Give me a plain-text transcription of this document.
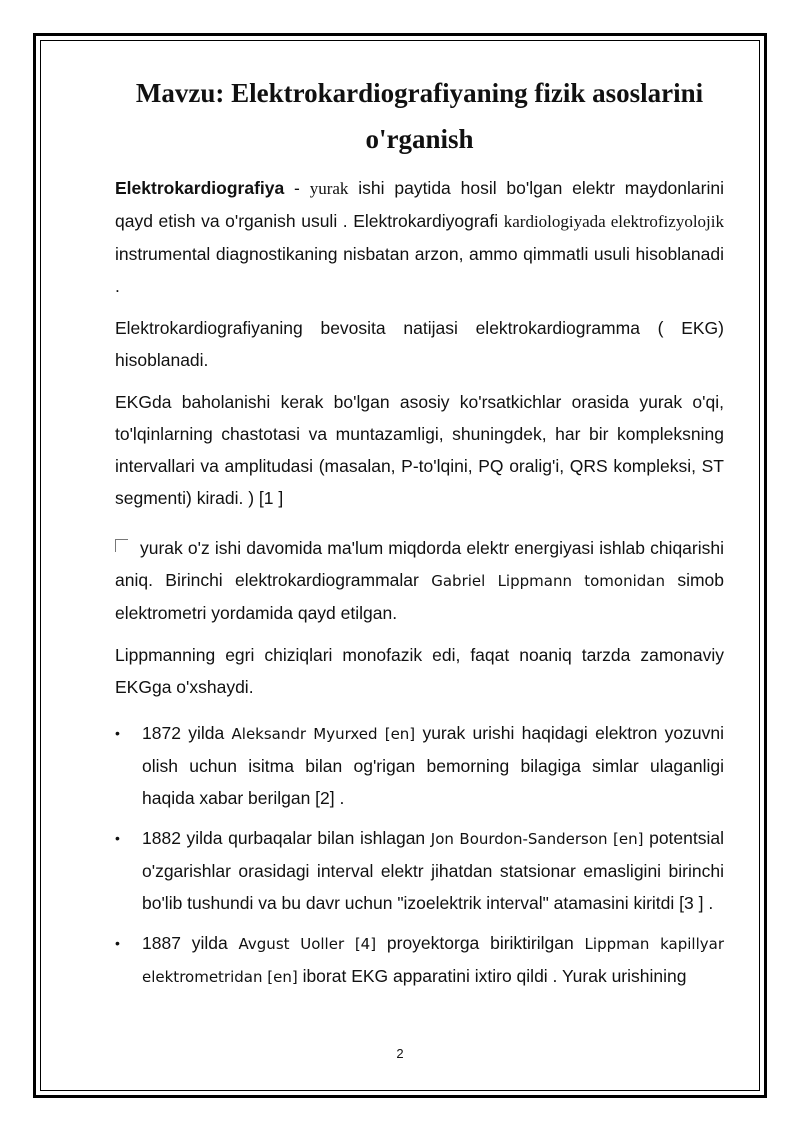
Mavzu: Elektrokardiografiyaning fizik asoslarini o'rganish

Elektrokardiografiya - yurak ishi paytida hosil bo'lgan elektr maydonlarini qayd etish va o'rganish usuli . Elektrokardiyografi kardiologiyada elektrofizyolojik instrumental diagnostikaning nisbatan arzon, ammo qimmatli usuli hisoblanadi .

Elektrokardiografiyaning bevosita natijasi elektrokardiogramma ( EKG) hisoblanadi.

EKGda baholanishi kerak bo'lgan asosiy ko'rsatkichlar orasida yurak o'qi, to'lqinlarning chastotasi va muntazamligi, shuningdek, har bir kompleksning intervallari va amplitudasi (masalan, P-to'lqini, PQ oralig'i, QRS kompleksi, ST segmenti) kiradi. ) [1 ]

yurak o'z ishi davomida ma'lum miqdorda elektr energiyasi ishlab chiqarishi aniq. Birinchi elektrokardiogrammalar Gabriel Lippmann tomonidan simob elektrometri yordamida qayd etilgan.

Lippmanning egri chiziqlari monofazik edi, faqat noaniq tarzda zamonaviy EKGga o'xshaydi.

• 1872 yilda Aleksandr Myurxed [en] yurak urishi haqidagi elektron yozuvni olish uchun isitma bilan og'rigan bemorning bilagiga simlar ulaganligi haqida xabar berilgan [2] .
• 1882 yilda qurbaqalar bilan ishlagan Jon Bourdon-Sanderson [en] potentsial o'zgarishlar orasidagi interval elektr jihatdan statsionar emasligini birinchi bo'lib tushundi va bu davr uchun "izoelektrik interval" atamasini kiritdi [3 ] .
• 1887 yilda Avgust Uoller [4] proyektorga biriktirilgan Lippman kapillyar elektrometridan [en] iborat EKG apparatini ixtiro qildi . Yurak urishining
2
